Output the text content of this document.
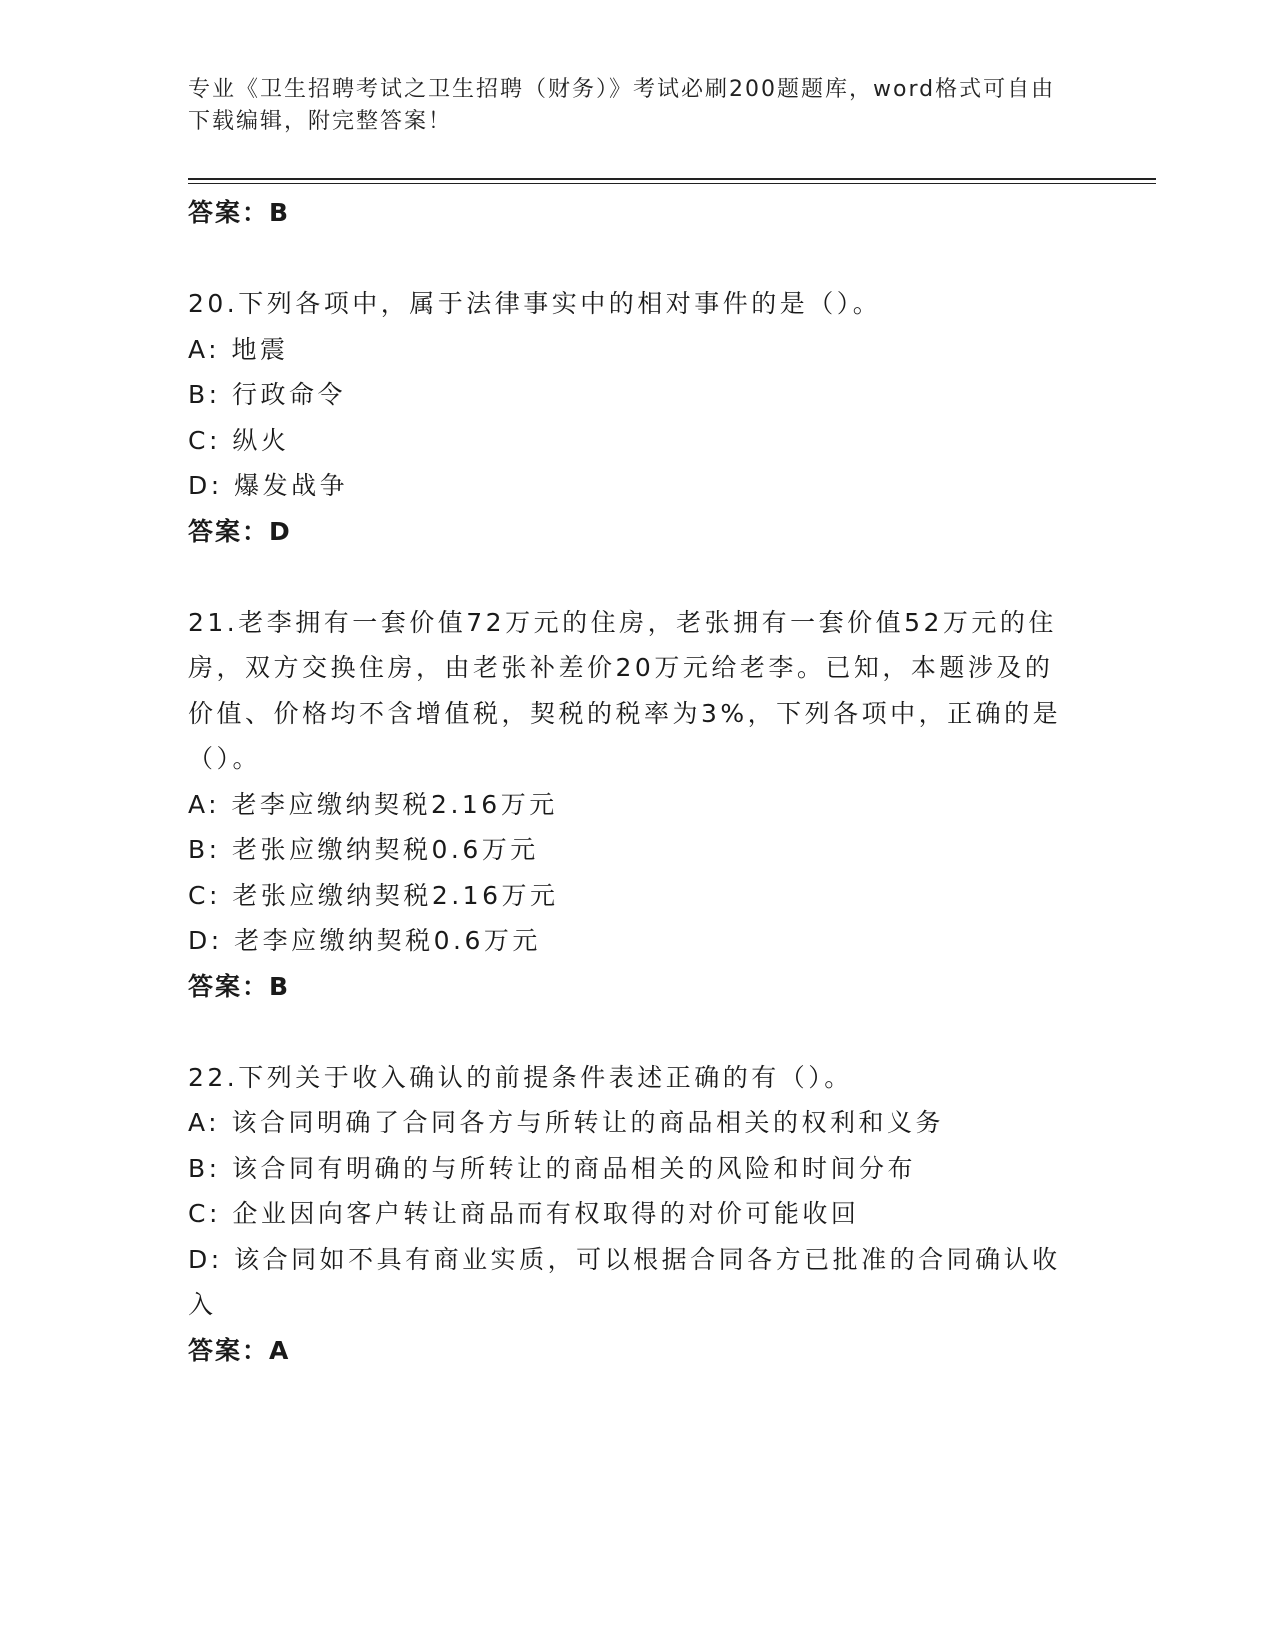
专业《卫生招聘考试之卫生招聘（财务）》考试必刷200题题库，word格式可自由下载编辑，附完整答案！
答案：B
20.下列各项中，属于法律事实中的相对事件的是（）。
A: 地震
B: 行政命令
C: 纵火
D: 爆发战争
答案：D
21.老李拥有一套价值72万元的住房，老张拥有一套价值52万元的住房，双方交换住房，由老张补差价20万元给老李。已知，本题涉及的价值、价格均不含增值税，契税的税率为3%，下列各项中，正确的是（）。
A: 老李应缴纳契税2.16万元
B: 老张应缴纳契税0.6万元
C: 老张应缴纳契税2.16万元
D: 老李应缴纳契税0.6万元
答案：B
22.下列关于收入确认的前提条件表述正确的有（）。
A: 该合同明确了合同各方与所转让的商品相关的权利和义务
B: 该合同有明确的与所转让的商品相关的风险和时间分布
C: 企业因向客户转让商品而有权取得的对价可能收回
D: 该合同如不具有商业实质，可以根据合同各方已批准的合同确认收入
答案：A
